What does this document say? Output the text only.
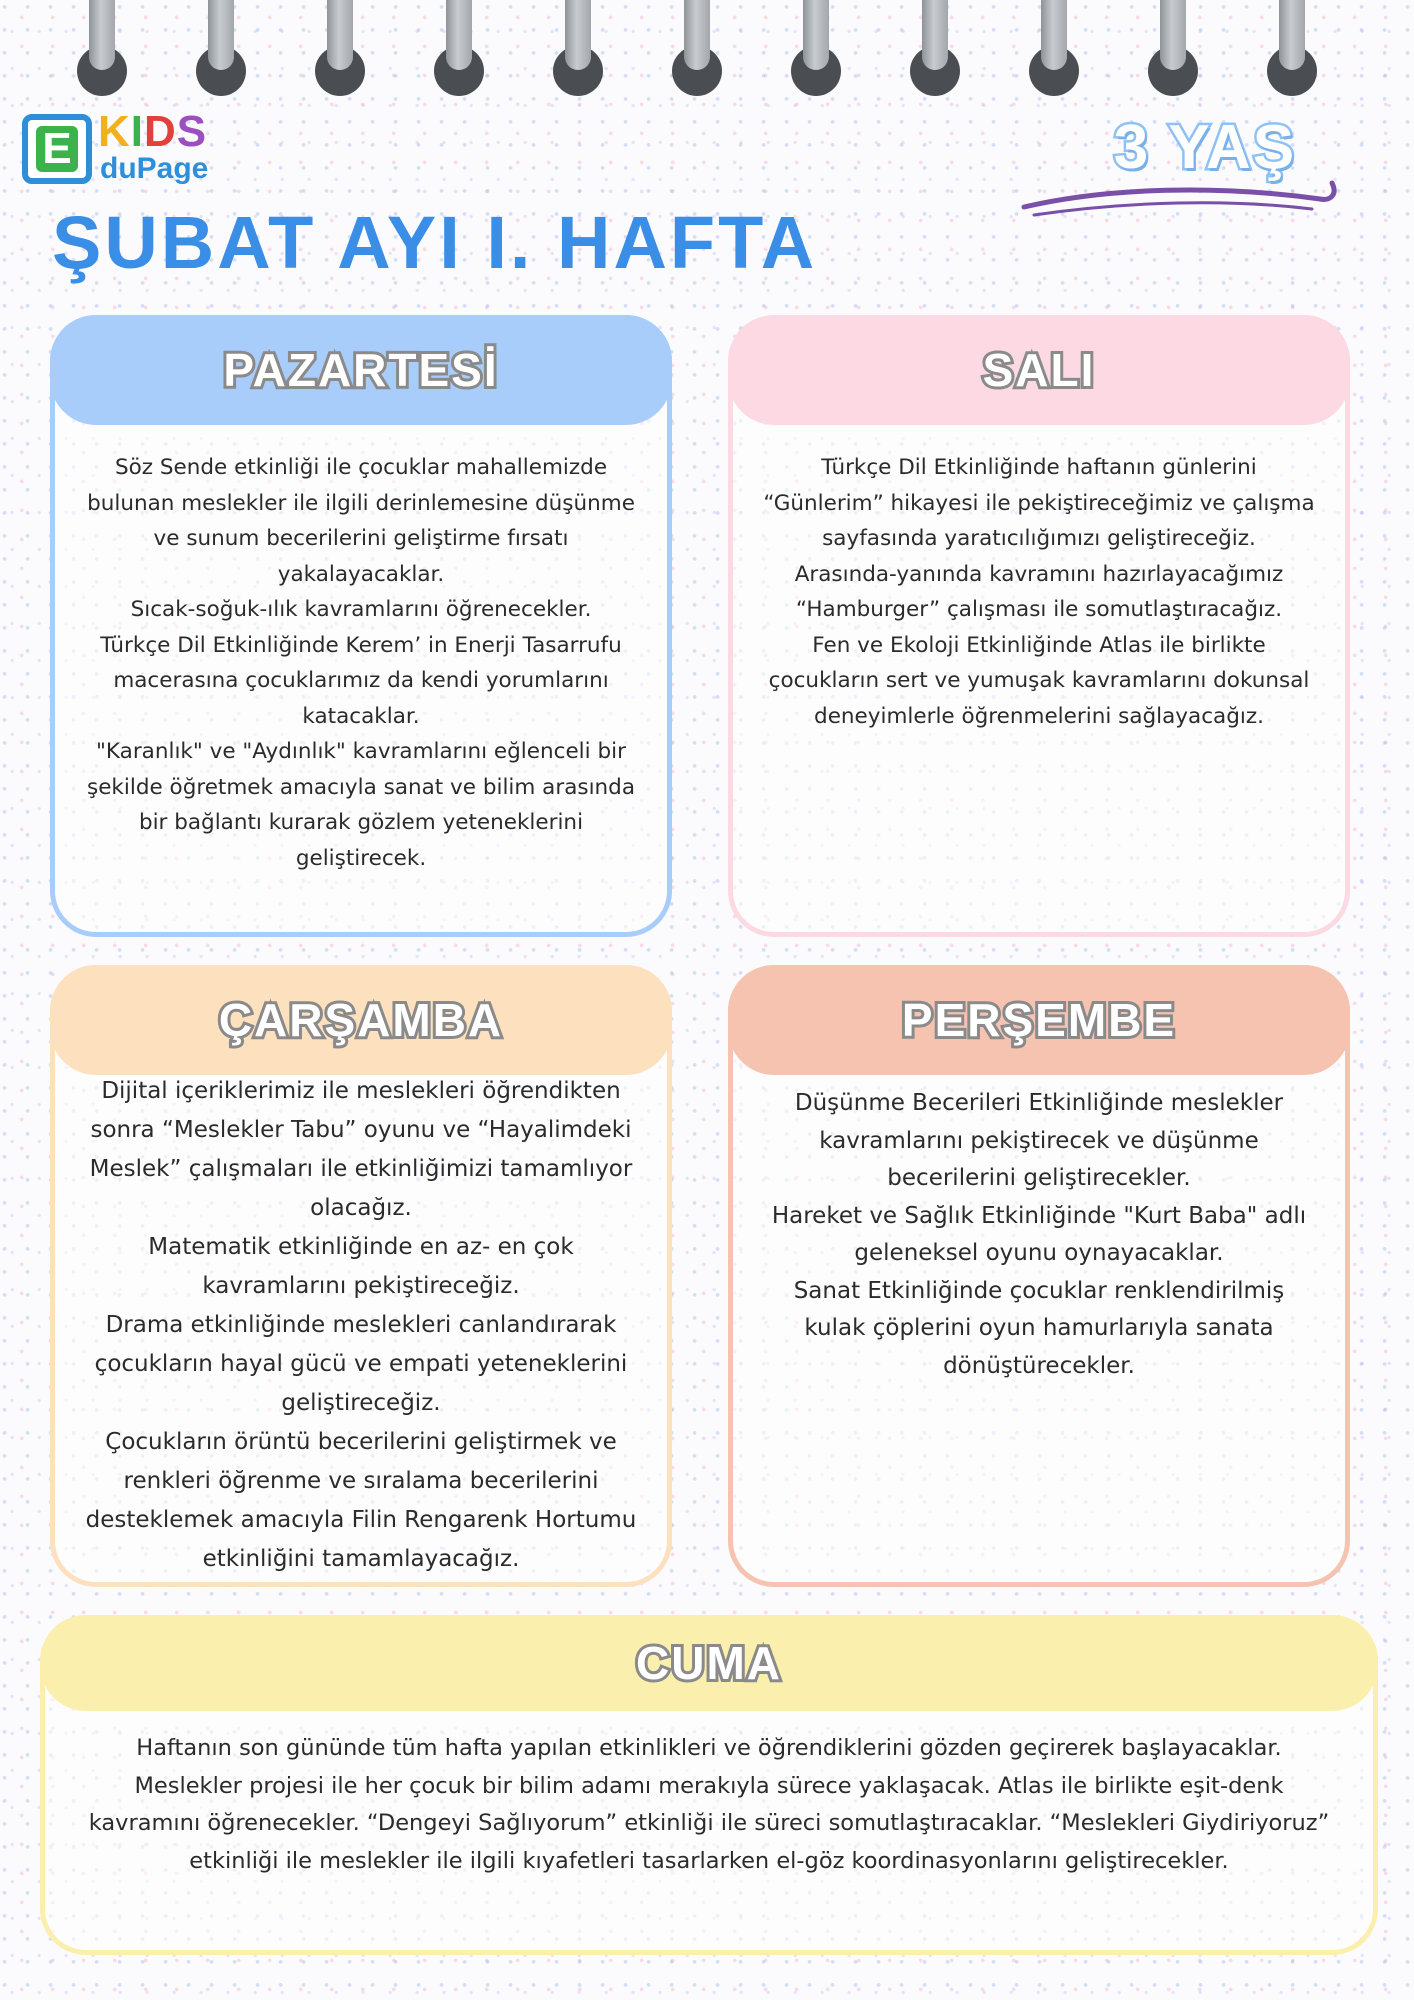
E KIDS
duPage	3 YAŞ
ŞUBAT AYI I. HAFTA
PAZARTESİ

Söz Sende etkinliği ile çocuklar mahallemizde bulunan meslekler ile ilgili derinlemesine düşünme ve sunum becerilerini geliştirme fırsatı yakalayacaklar.

Sıcak-soğuk-ılık kavramlarını öğrenecekler.

Türkçe Dil Etkinliğinde Kerem’ in Enerji Tasarrufu macerasına çocuklarımız da kendi yorumlarını katacaklar.

"Karanlık" ve "Aydınlık" kavramlarını eğlenceli bir şekilde öğretmek amacıyla sanat ve bilim arasında bir bağlantı kurarak gözlem yeteneklerini geliştirecek.

SALI

Türkçe Dil Etkinliğinde haftanın günlerini “Günlerim” hikayesi ile pekiştireceğimiz ve çalışma sayfasında yaratıcılığımızı geliştireceğiz.

Arasında-yanında kavramını hazırlayacağımız “Hamburger” çalışması ile somutlaştıracağız.

Fen ve Ekoloji Etkinliğinde Atlas ile birlikte çocukların sert ve yumuşak kavramlarını dokunsal deneyimlerle öğrenmelerini sağlayacağız.

ÇARŞAMBA

Dijital içeriklerimiz ile meslekleri öğrendikten sonra “Meslekler Tabu” oyunu ve “Hayalimdeki Meslek” çalışmaları ile etkinliğimizi tamamlıyor olacağız.

Matematik etkinliğinde en az- en çok kavramlarını pekiştireceğiz.

Drama etkinliğinde meslekleri canlandırarak çocukların hayal gücü ve empati yeteneklerini geliştireceğiz.

Çocukların örüntü becerilerini geliştirmek ve renkleri öğrenme ve sıralama becerilerini desteklemek amacıyla Filin Rengarenk Hortumu etkinliğini tamamlayacağız.

PERŞEMBE

Düşünme Becerileri Etkinliğinde meslekler kavramlarını pekiştirecek ve düşünme becerilerini geliştirecekler.

Hareket ve Sağlık Etkinliğinde "Kurt Baba" adlı geleneksel oyunu oynayacaklar.

Sanat Etkinliğinde çocuklar renklendirilmiş kulak çöplerini oyun hamurlarıyla sanata dönüştürecekler.

CUMA

Haftanın son gününde tüm hafta yapılan etkinlikleri ve öğrendiklerini gözden geçirerek başlayacaklar. Meslekler projesi ile her çocuk bir bilim adamı merakıyla sürece yaklaşacak. Atlas ile birlikte eşit-denk kavramını öğrenecekler. “Dengeyi Sağlıyorum” etkinliği ile süreci somutlaştıracaklar. “Meslekleri Giydiriyoruz” etkinliği ile meslekler ile ilgili kıyafetleri tasarlarken el-göz koordinasyonlarını geliştirecekler.
